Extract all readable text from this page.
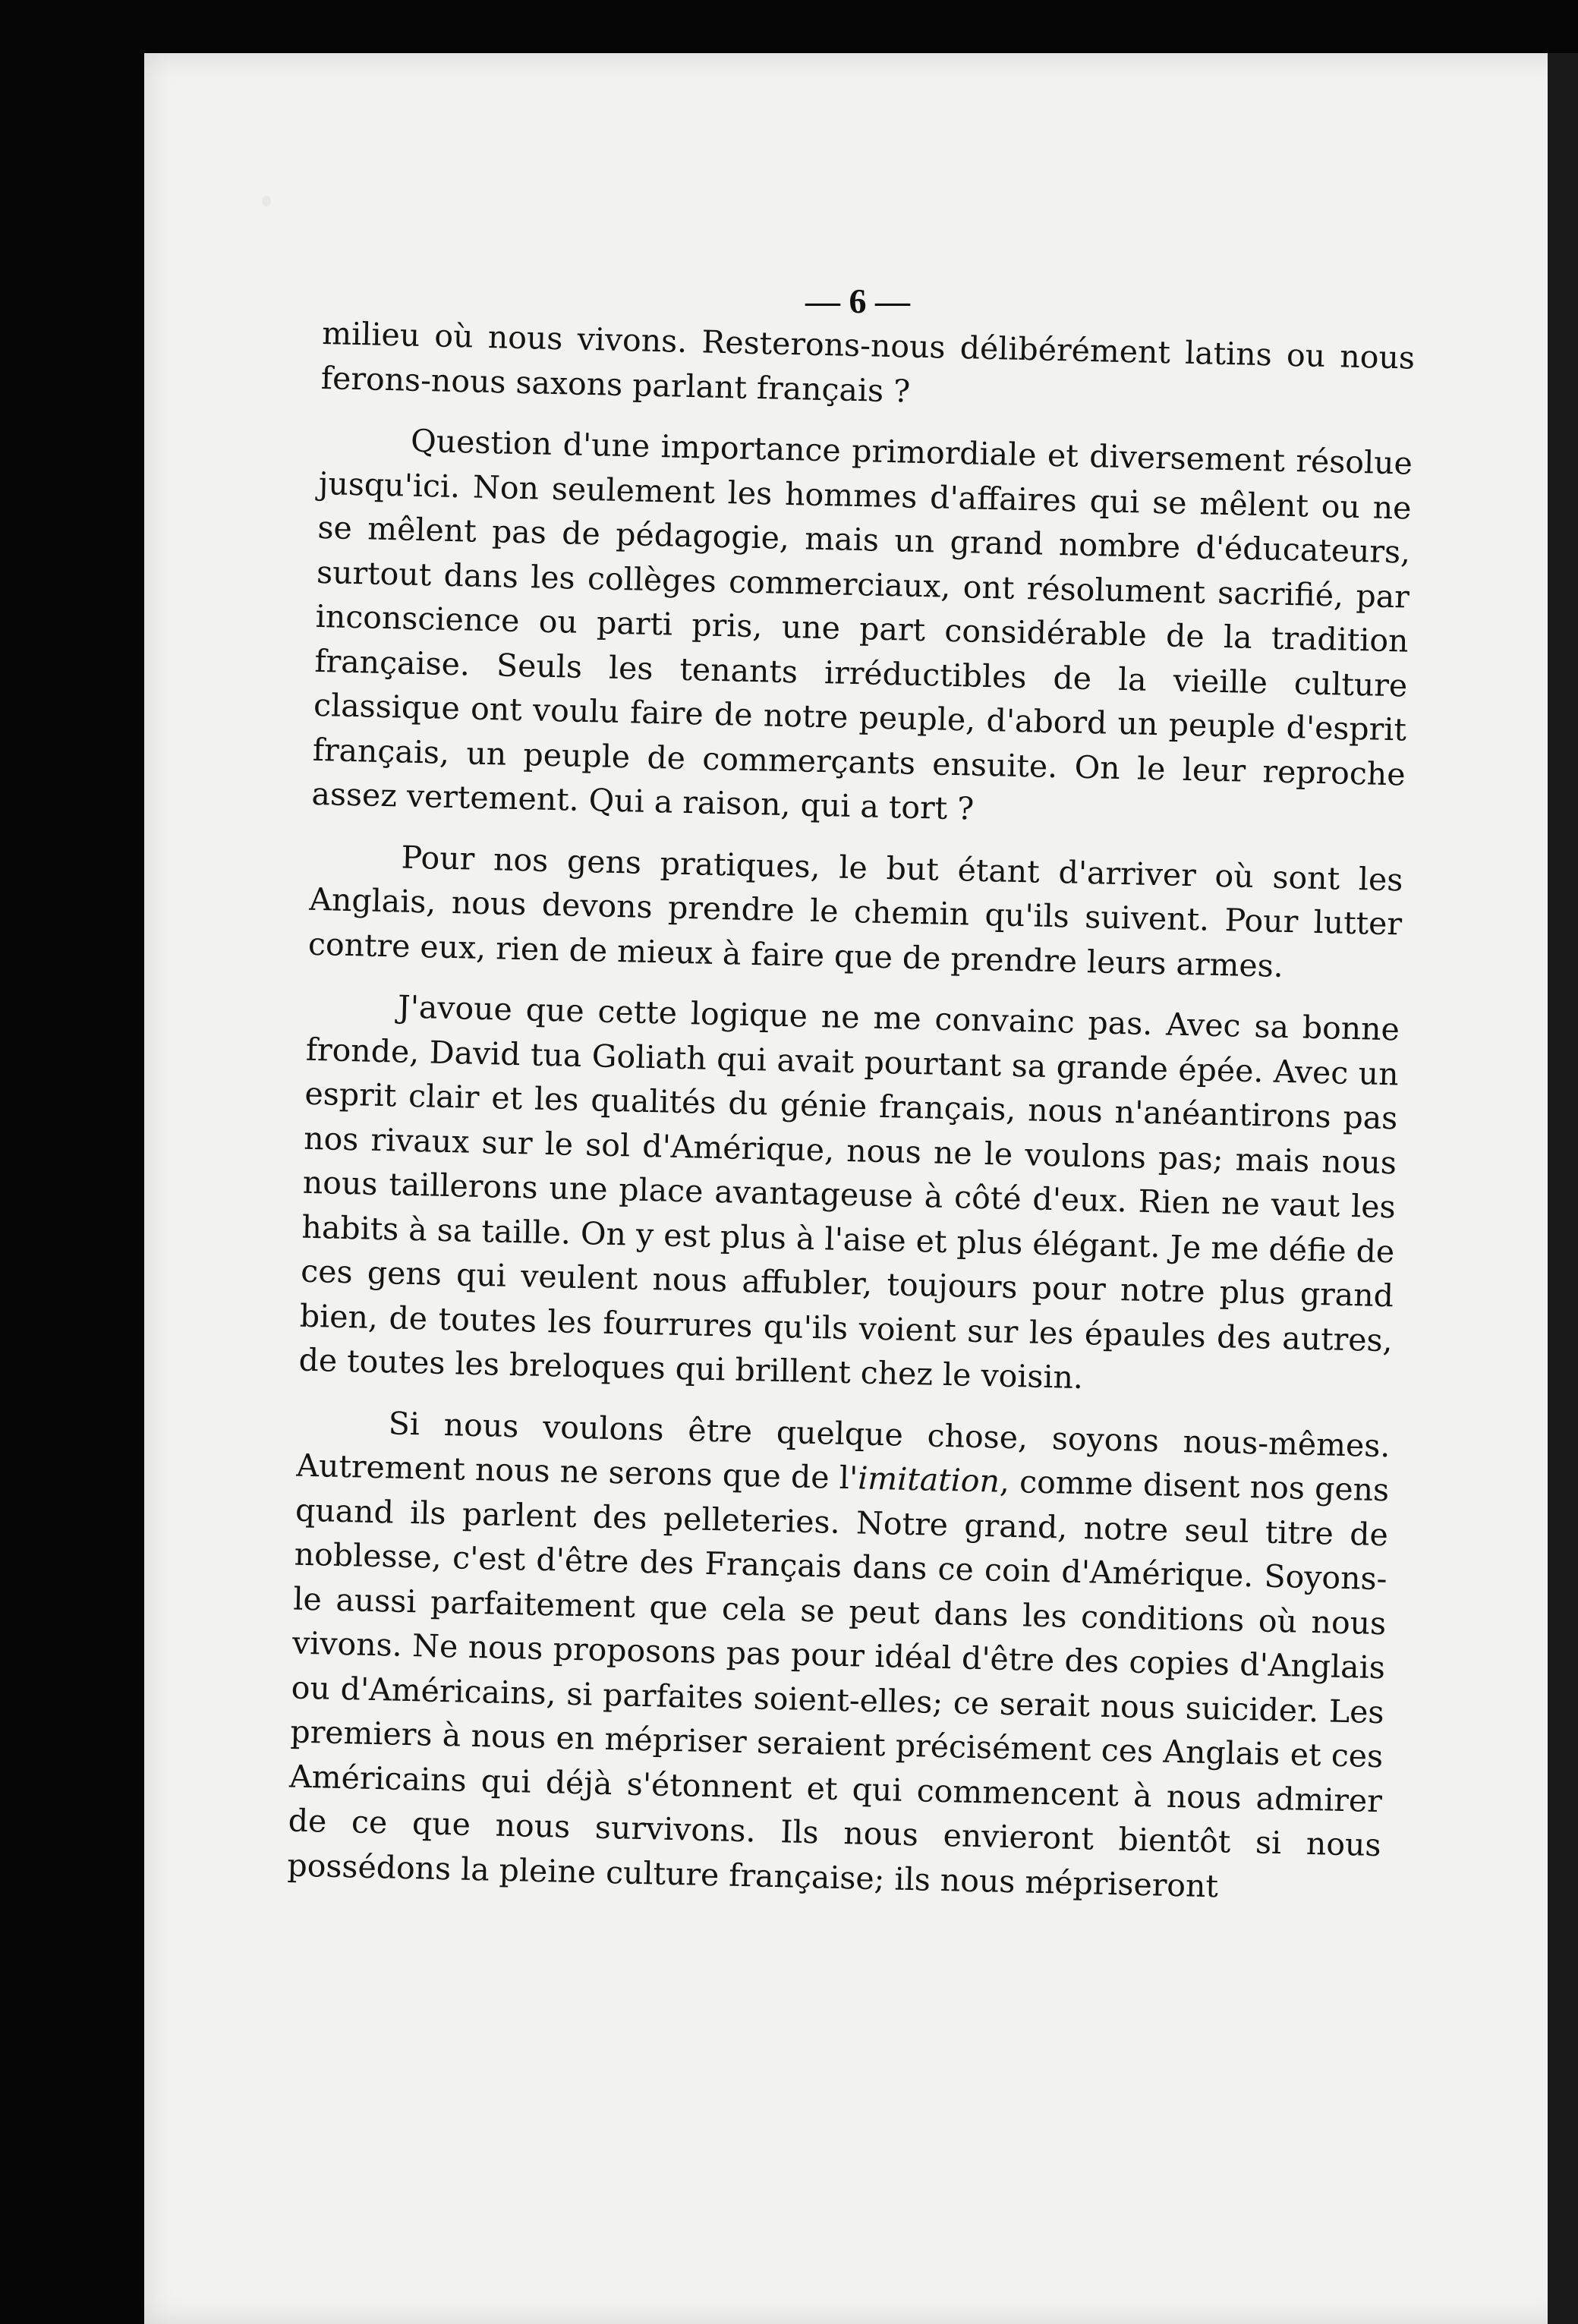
— 6 —

milieu où nous vivons. Resterons-nous délibérément latins ou nous ferons-nous saxons parlant français ?

Question d'une importance primordiale et diversement résolue jusqu'ici. Non seulement les hommes d'affaires qui se mêlent ou ne se mêlent pas de pédagogie, mais un grand nombre d'éducateurs, surtout dans les collèges commerciaux, ont résolument sacrifié, par inconscience ou parti pris, une part considérable de la tradition française. Seuls les tenants irréductibles de la vieille culture classique ont voulu faire de notre peuple, d'abord un peuple d'esprit français, un peuple de commerçants ensuite. On le leur reproche assez vertement. Qui a raison, qui a tort ?

Pour nos gens pratiques, le but étant d'arriver où sont les Anglais, nous devons prendre le chemin qu'ils suivent. Pour lutter contre eux, rien de mieux à faire que de prendre leurs armes.

J'avoue que cette logique ne me convainc pas. Avec sa bonne fronde, David tua Goliath qui avait pourtant sa grande épée. Avec un esprit clair et les qualités du génie français, nous n'anéantirons pas nos rivaux sur le sol d'Amérique, nous ne le voulons pas; mais nous nous taillerons une place avantageuse à côté d'eux. Rien ne vaut les habits à sa taille. On y est plus à l'aise et plus élégant. Je me défie de ces gens qui veulent nous affubler, toujours pour notre plus grand bien, de toutes les fourrures qu'ils voient sur les épaules des autres, de toutes les breloques qui brillent chez le voisin.

Si nous voulons être quelque chose, soyons nous-mêmes. Autrement nous ne serons que de l'imitation, comme disent nos gens quand ils parlent des pelleteries. Notre grand, notre seul titre de noblesse, c'est d'être des Français dans ce coin d'Amérique. Soyons-le aussi parfaitement que cela se peut dans les conditions où nous vivons. Ne nous proposons pas pour idéal d'être des copies d'Anglais ou d'Américains, si parfaites soient-elles; ce serait nous suicider. Les premiers à nous en mépriser seraient précisément ces Anglais et ces Américains qui déjà s'étonnent et qui commencent à nous admirer de ce que nous survivons. Ils nous envieront bientôt si nous possédons la pleine culture française; ils nous mépriseront
